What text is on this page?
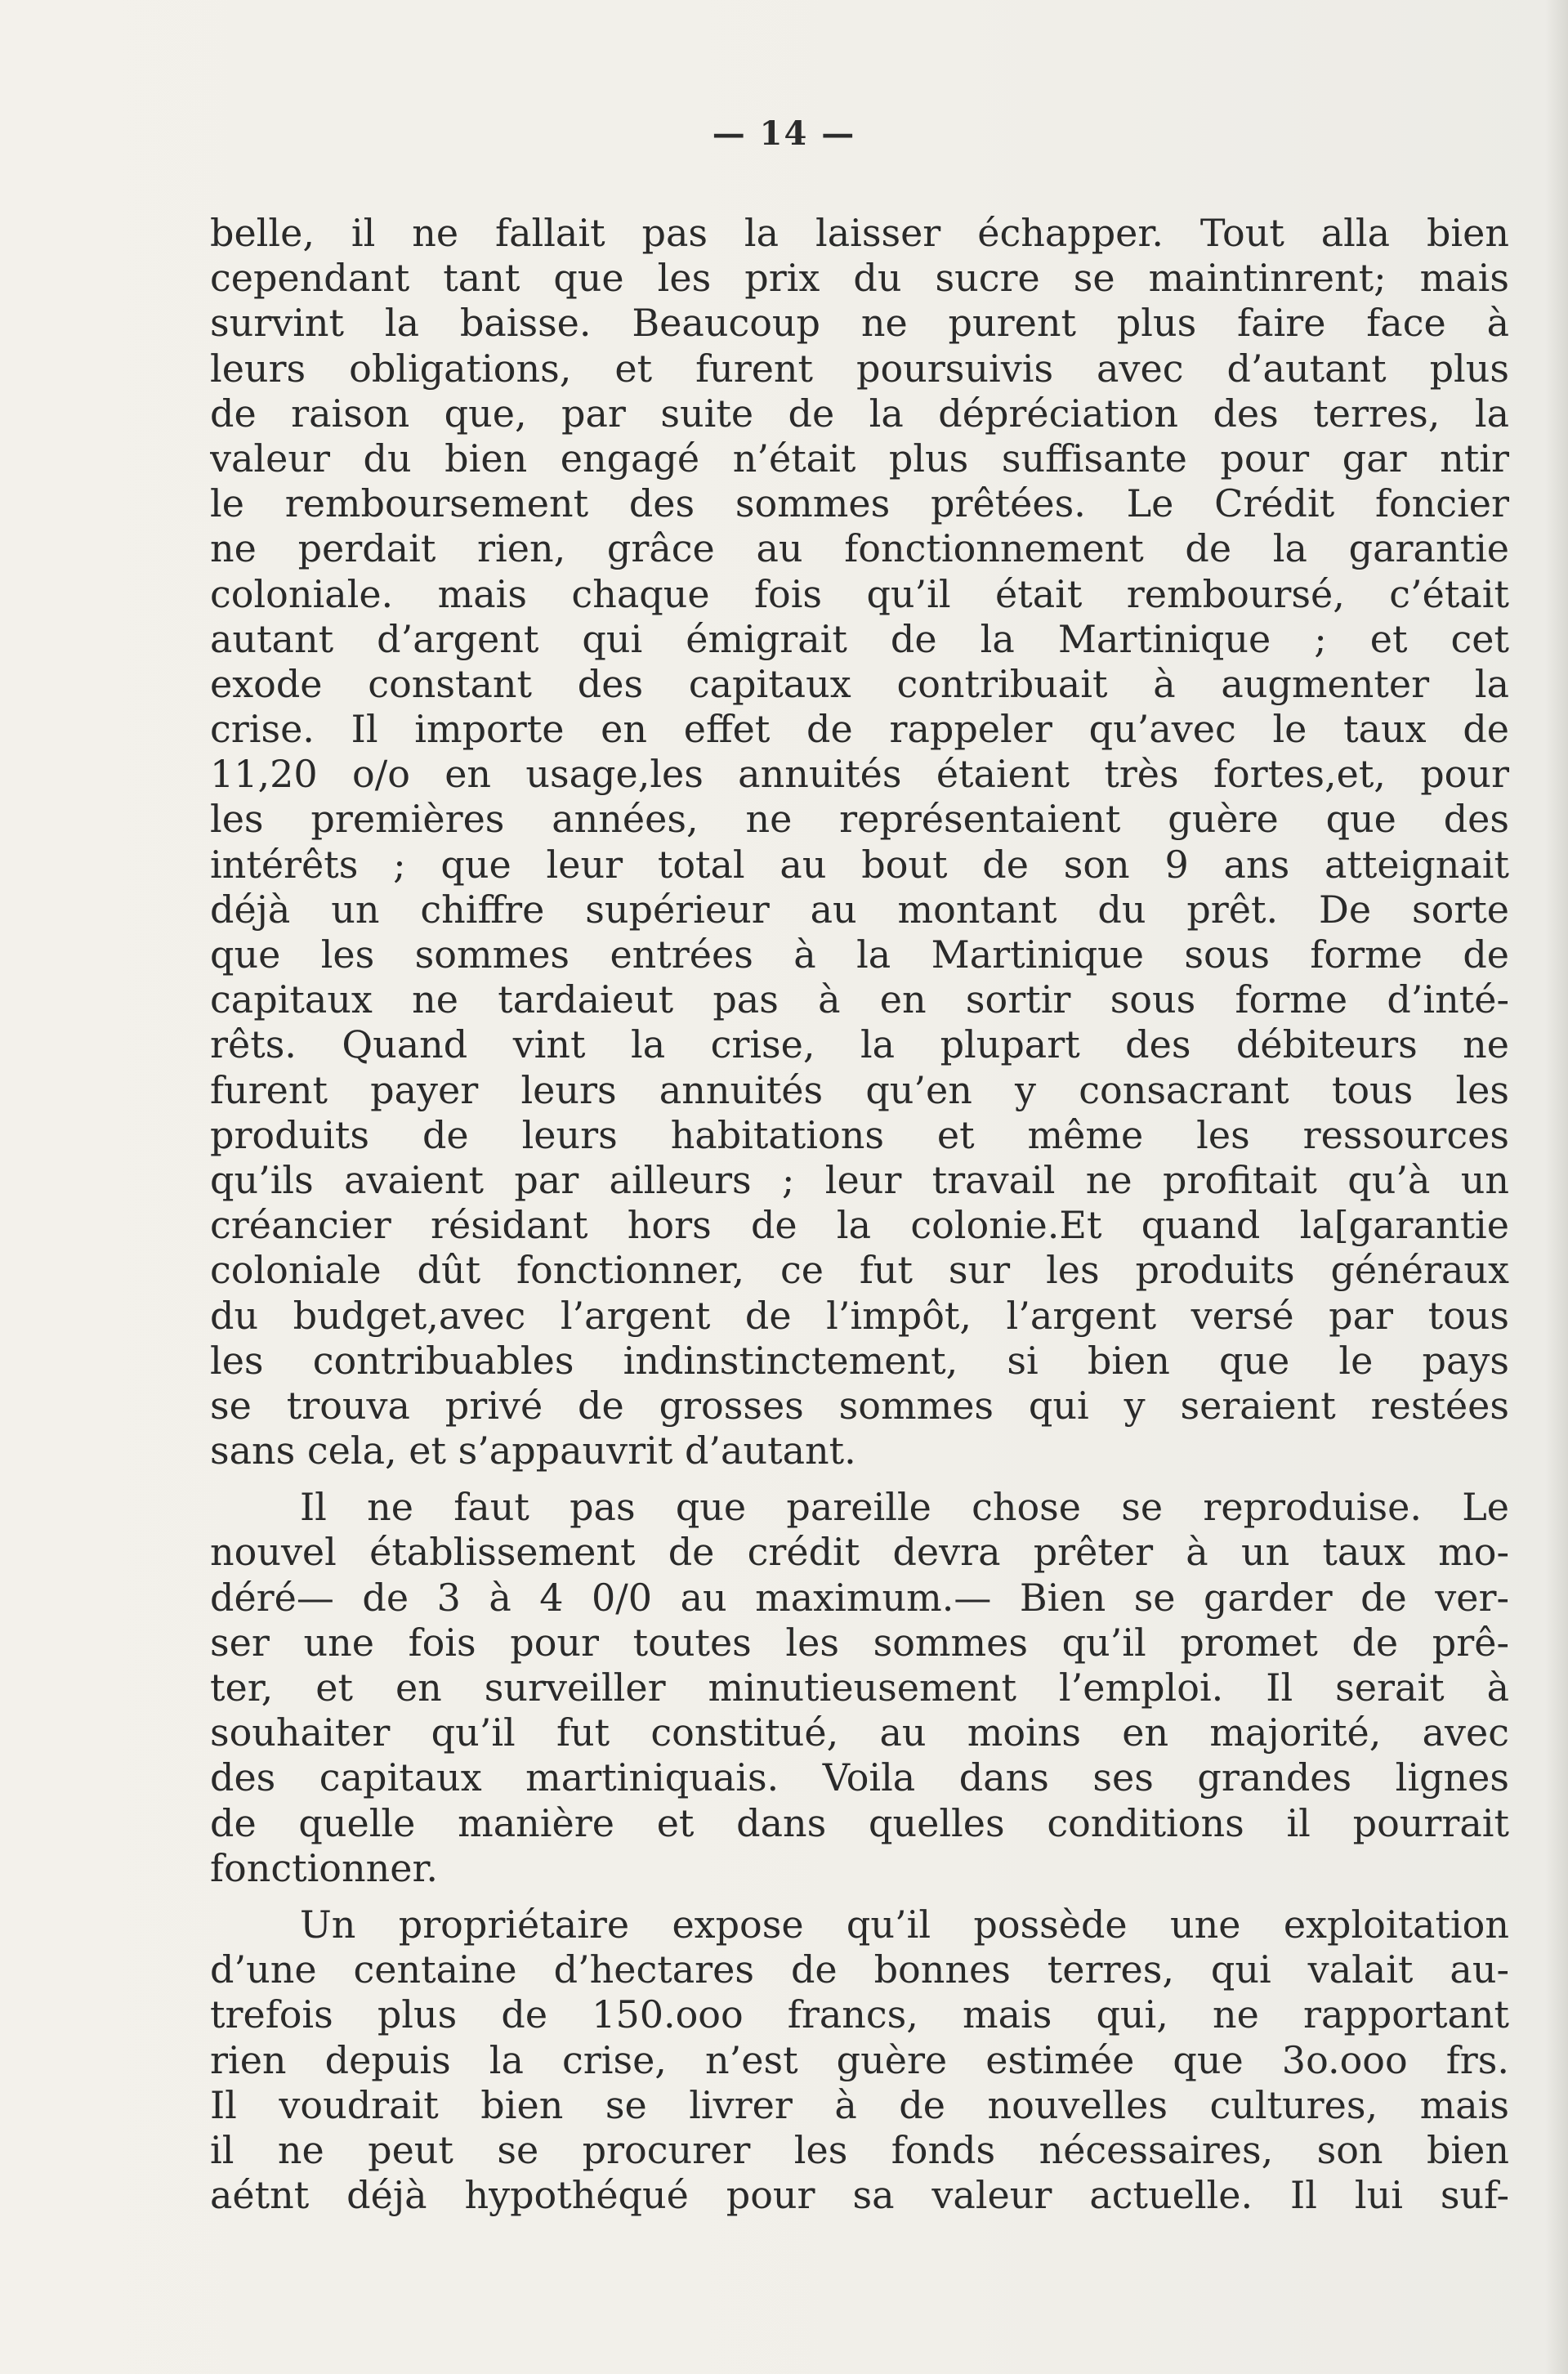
— 14 —
belle, il ne fallait pas la laisser échapper. Tout alla bien
cependant tant que les prix du sucre se maintinrent; mais
survint la baisse. Beaucoup ne purent plus faire face à
leurs obligations, et furent poursuivis avec d’autant plus
de raison que, par suite de la dépréciation des terres, la
valeur du bien engagé n’était plus suffisante pour gar ntir
le remboursement des sommes prêtées. Le Crédit foncier
ne perdait rien, grâce au fonctionnement de la garantie
coloniale. mais chaque fois qu’il était remboursé, c’était
autant d’argent qui émigrait de la Martinique ; et cet
exode constant des capitaux contribuait à augmenter la
crise. Il importe en effet de rappeler qu’avec le taux de
11,20 o/o en usage,les annuités étaient très fortes,et, pour
les premières années, ne représentaient guère que des
intérêts ; que leur total au bout de son 9 ans atteignait
déjà un chiffre supérieur au montant du prêt. De sorte
que les sommes entrées à la Martinique sous forme de
capitaux ne tardaieut pas à en sortir sous forme d’inté-
rêts. Quand vint la crise, la plupart des débiteurs ne
furent payer leurs annuités qu’en y consacrant tous les
produits de leurs habitations et même les ressources
qu’ils avaient par ailleurs ; leur travail ne profitait qu’à un
créancier résidant hors de la colonie.Et quand la[garantie
coloniale dût fonctionner, ce fut sur les produits généraux
du budget,avec l’argent de l’impôt, l’argent versé par tous
les contribuables indinstinctement, si bien que le pays
se trouva privé de grosses sommes qui y seraient restées
sans cela, et s’appauvrit d’autant.
Il ne faut pas que pareille chose se reproduise. Le
nouvel établissement de crédit devra prêter à un taux mo-
déré— de 3 à 4 0/0 au maximum.— Bien se garder de ver-
ser une fois pour toutes les sommes qu’il promet de prê-
ter, et en surveiller minutieusement l’emploi. Il serait à
souhaiter qu’il fut constitué, au moins en majorité, avec
des capitaux martiniquais. Voila dans ses grandes lignes
de quelle manière et dans quelles conditions il pourrait
fonctionner.
Un propriétaire expose qu’il possède une exploitation
d’une centaine d’hectares de bonnes terres, qui valait au-
trefois plus de 150.ooo francs, mais qui, ne rapportant
rien depuis la crise, n’est guère estimée que 3o.ooo frs.
Il voudrait bien se livrer à de nouvelles cultures, mais
il ne peut se procurer les fonds nécessaires, son bien
aétnt déjà hypothéqué pour sa valeur actuelle. Il lui suf-
